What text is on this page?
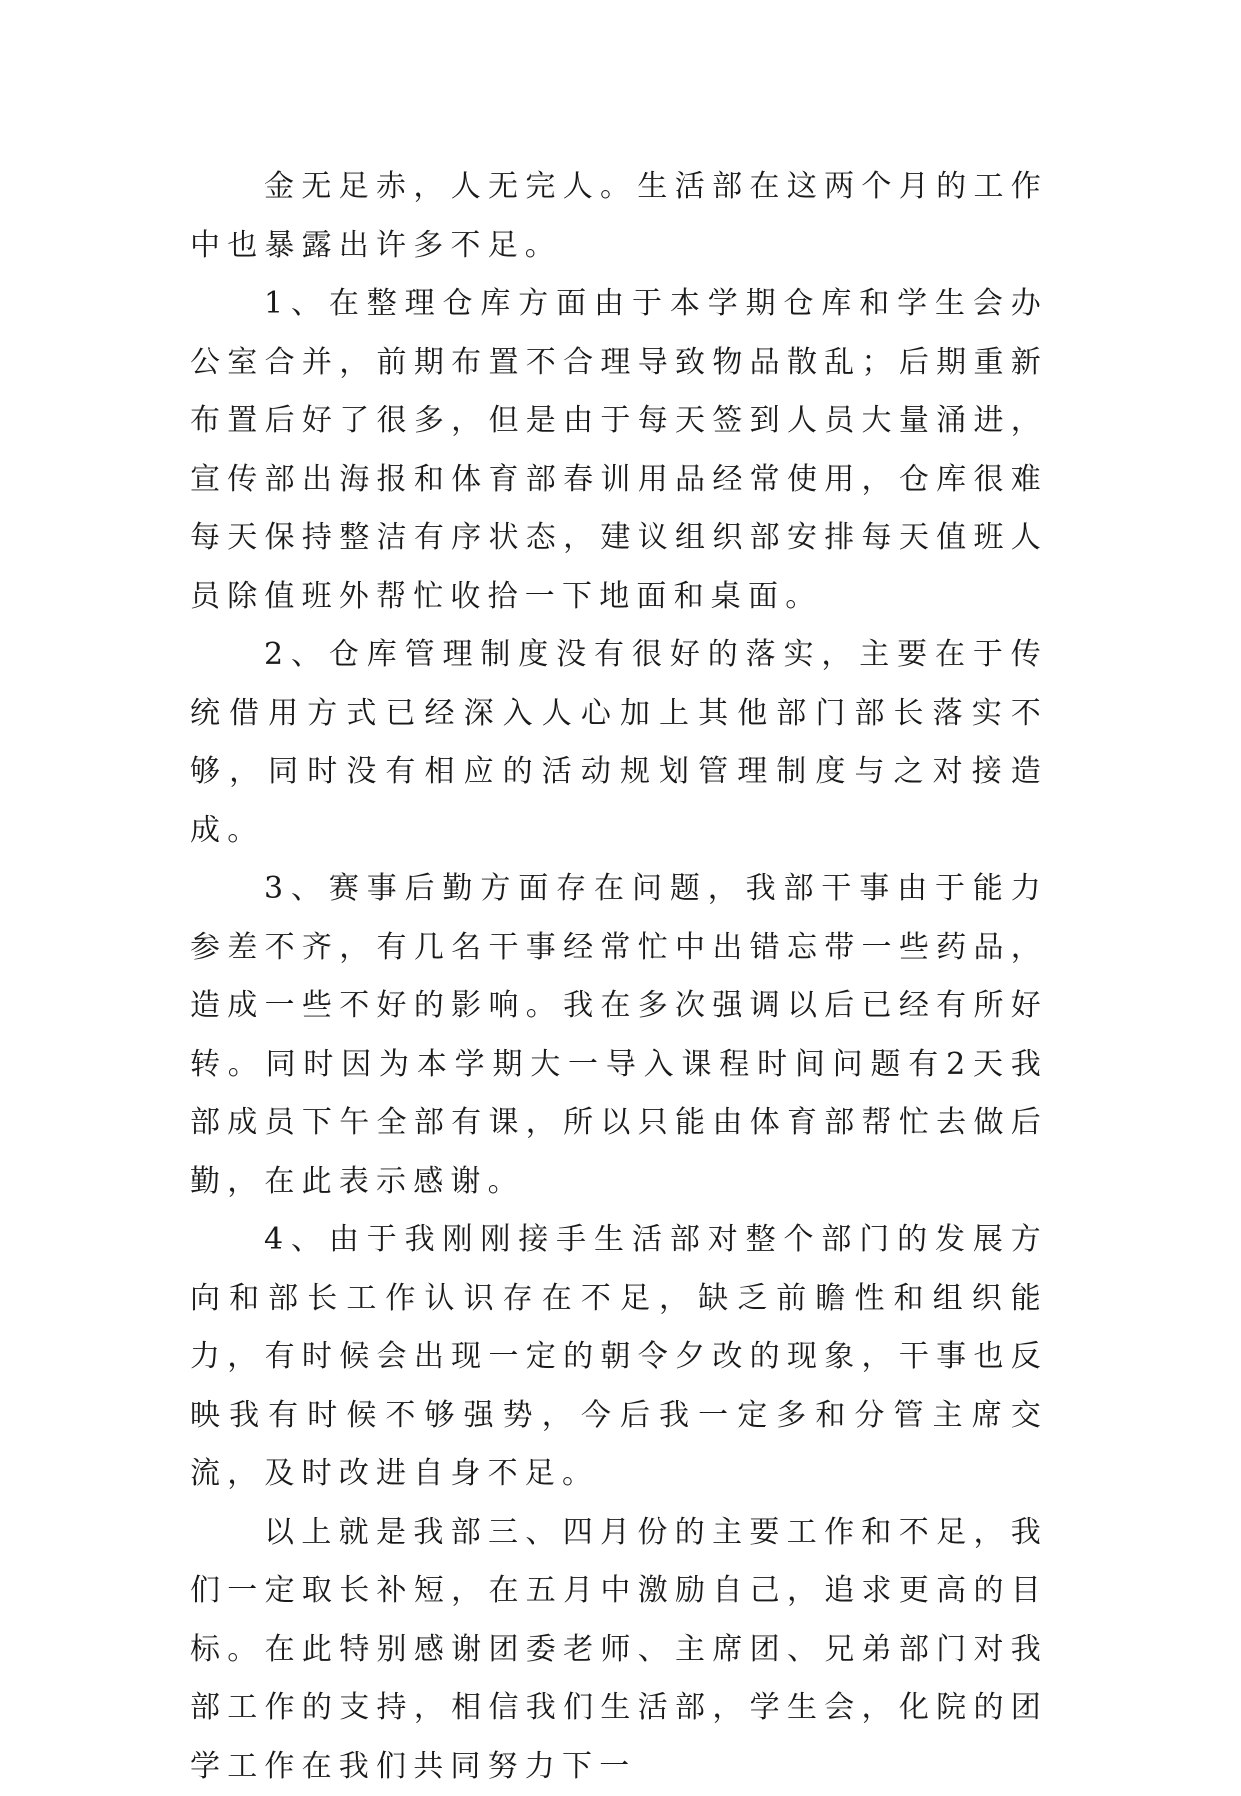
金无足赤，人无完人。生活部在这两个月的工作中也暴露出许多不足。

1、在整理仓库方面由于本学期仓库和学生会办公室合并，前期布置不合理导致物品散乱；后期重新布置后好了很多，但是由于每天签到人员大量涌进，宣传部出海报和体育部春训用品经常使用，仓库很难每天保持整洁有序状态，建议组织部安排每天值班人员除值班外帮忙收拾一下地面和桌面。

2、仓库管理制度没有很好的落实，主要在于传统借用方式已经深入人心加上其他部门部长落实不够，同时没有相应的活动规划管理制度与之对接造成。

3、赛事后勤方面存在问题，我部干事由于能力参差不齐，有几名干事经常忙中出错忘带一些药品，造成一些不好的影响。我在多次强调以后已经有所好转。同时因为本学期大一导入课程时间问题有2天我部成员下午全部有课，所以只能由体育部帮忙去做后勤，在此表示感谢。

4、由于我刚刚接手生活部对整个部门的发展方向和部长工作认识存在不足，缺乏前瞻性和组织能力，有时候会出现一定的朝令夕改的现象，干事也反映我有时候不够强势，今后我一定多和分管主席交流，及时改进自身不足。

以上就是我部三、四月份的主要工作和不足，我们一定取长补短，在五月中激励自己，追求更高的目标。在此特别感谢团委老师、主席团、兄弟部门对我部工作的支持，相信我们生活部，学生会，化院的团学工作在我们共同努力下一
